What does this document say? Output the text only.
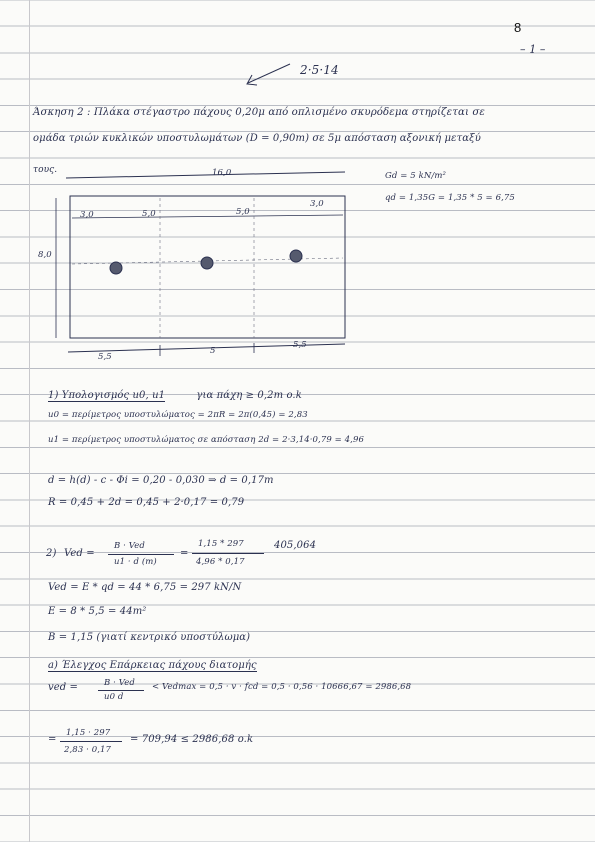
8
– 1 –
2·5·14
Άσκηση 2 : Πλάκα στέγαστρο πάχους 0,20μ από οπλισμένο σκυρόδεμα στηρίζεται σε
ομάδα τριών κυκλικών υποστυλωμάτων (D = 0,90m) σε 5μ απόσταση αξονική μεταξύ
τους.	16,0
3,0	5,0	5,0
3,0
8,0
5,5
5
5,5
Gd = 5 kN/m²
qd = 1,35G = 1,35 * 5 = 6,75
1) Υπολογισμός u0, u1	για πάχη ≥ 0,2m o.k
u0 = περίμετρος υποστυλώματος = 2πR = 2π(0,45) = 2,83
u1 = περίμετρος υποστυλώματος σε απόσταση 2d = 2·3,14·0,79 = 4,96
d = h(d) - c - Φi = 0,20 - 0,030 ⇒ d = 0,17m
R = 0,45 + 2d = 0,45 + 2·0,17 = 0,79
2) Ved =
B · Ved
u1 · d (m)
=
1,15 * 297
4,96 * 0,17
405,064
Ved = E * qd = 44 * 6,75 = 297 kN/N
E = 8 * 5,5 = 44m²
B = 1,15 (γιατί κεντρικό υποστύλωμα)
a) Έλεγχος Επάρκειας πάχους διατομής
ved =	B · Ved
u0 d
< Vedmax = 0,5 · v · fcd = 0,5 · 0,56 · 10666,67 = 2986,68
=
1,15 · 297
2,83 · 0,17
= 709,94 ≤ 2986,68 o.k
